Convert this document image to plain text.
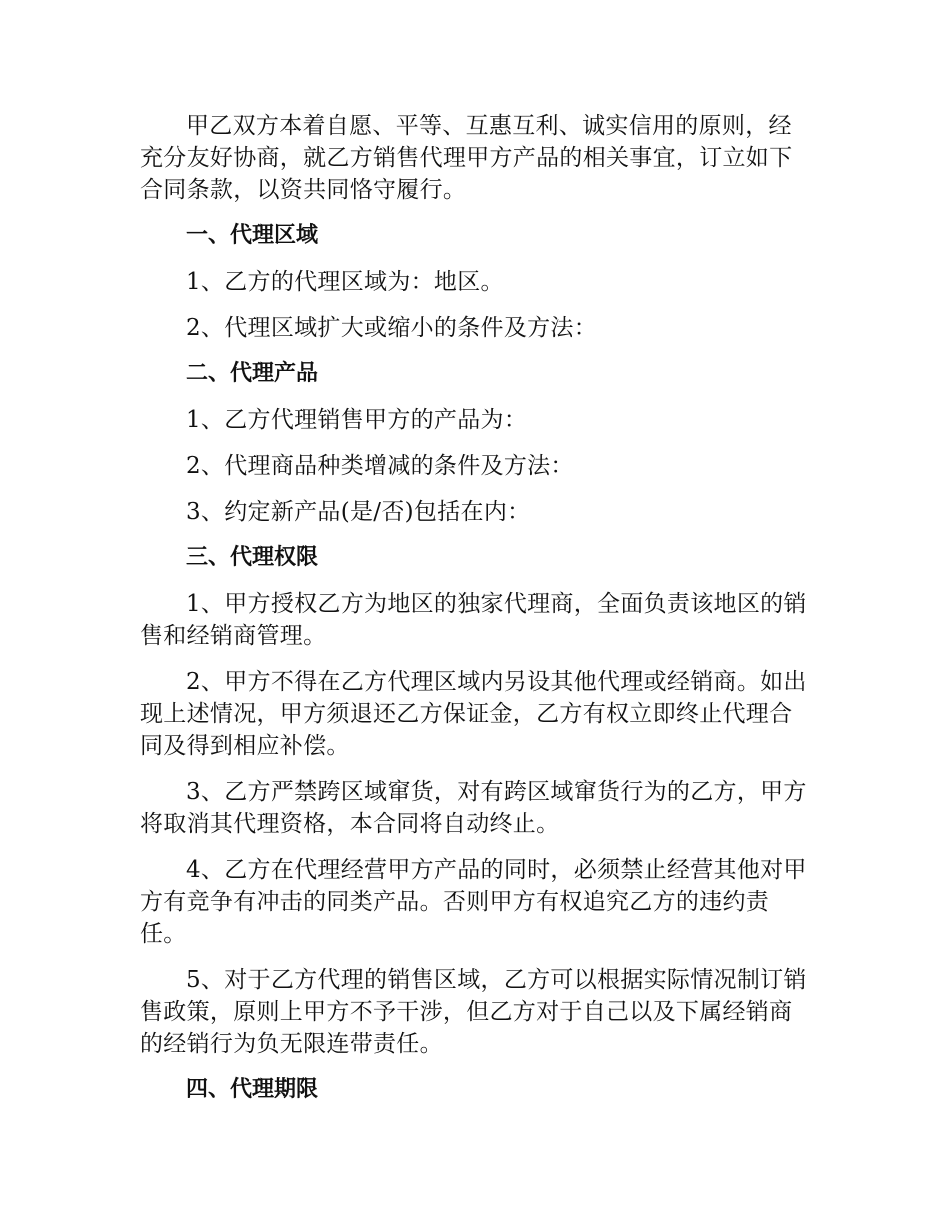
甲乙双方本着自愿、平等、互惠互利、诚实信用的原则，经充分友好协商，就乙方销售代理甲方产品的相关事宜，订立如下合同条款，以资共同恪守履行。

一、代理区域

1、乙方的代理区域为：地区。

2、代理区域扩大或缩小的条件及方法：

二、代理产品

1、乙方代理销售甲方的产品为：

2、代理商品种类增减的条件及方法：

3、约定新产品(是/否)包括在内：

三、代理权限

1、甲方授权乙方为地区的独家代理商，全面负责该地区的销售和经销商管理。

2、甲方不得在乙方代理区域内另设其他代理或经销商。如出现上述情况，甲方须退还乙方保证金，乙方有权立即终止代理合同及得到相应补偿。

3、乙方严禁跨区域窜货，对有跨区域窜货行为的乙方，甲方将取消其代理资格，本合同将自动终止。

4、乙方在代理经营甲方产品的同时，必须禁止经营其他对甲方有竞争有冲击的同类产品。否则甲方有权追究乙方的违约责任。

5、对于乙方代理的销售区域，乙方可以根据实际情况制订销售政策，原则上甲方不予干涉，但乙方对于自己以及下属经销商的经销行为负无限连带责任。

四、代理期限
